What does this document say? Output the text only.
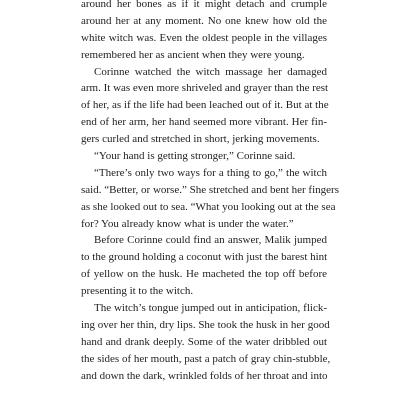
around her bones as if it might detach and crumple
around her at any moment. No one knew how old the
white witch was. Even the oldest people in the villages
remembered her as ancient when they were young.
Corinne watched the witch massage her damaged
arm. It was even more shriveled and grayer than the rest
of her, as if the life had been leached out of it. But at the
end of her arm, her hand seemed more vibrant. Her fin-
gers curled and stretched in short, jerking movements.
“Your hand is getting stronger,” Corinne said.
“There’s only two ways for a thing to go,” the witch
said. “Better, or worse.” She stretched and bent her fingers
as she looked out to sea. “What you looking out at the sea
for? You already know what is under the water.”
Before Corinne could find an answer, Malik jumped
to the ground holding a coconut with just the barest hint
of yellow on the husk. He macheted the top off before
presenting it to the witch.
The witch’s tongue jumped out in anticipation, flick-
ing over her thin, dry lips. She took the husk in her good
hand and drank deeply. Some of the water dribbled out
the sides of her mouth, past a patch of gray chin-stubble,
and down the dark, wrinkled folds of her throat and into
